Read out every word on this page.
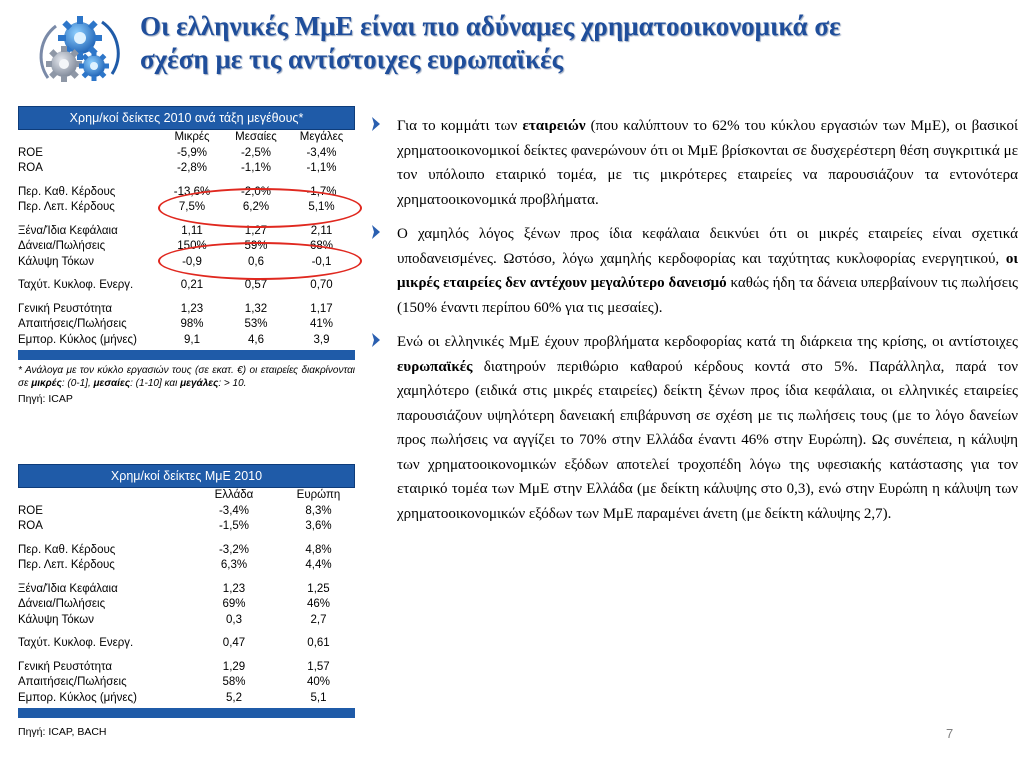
Οι ελληνικές ΜμΕ είναι πιο αδύναμες χρηματοοικονομικά σε
σχέση με τις αντίστοιχες ευρωπαϊκές
Χρημ/κοί δείκτες 2010 ανά τάξη μεγέθους*
	Μικρές	Μεσαίες	Μεγάλες
ROE	-5,9%	-2,5%	-3,4%
ROA	-2,8%	-1,1%	-1,1%

Περ. Καθ. Κέρδους	-13,6%	-2,0%	-1,7%
Περ. Λεπ. Κέρδους	7,5%	6,2%	5,1%

Ξένα/Ίδια Κεφάλαια	1,11	1,27	2,11
Δάνεια/Πωλήσεις	150%	59%	68%
Κάλυψη Τόκων	-0,9	0,6	-0,1

Ταχύτ. Κυκλοφ. Ενεργ.	0,21	0,57	0,70

Γενική Ρευστότητα	1,23	1,32	1,17
Απαιτήσεις/Πωλήσεις	98%	53%	41%
Εμπορ. Κύκλος (μήνες)	9,1	4,6	3,9
* Ανάλογα με τον κύκλο εργασιών τους (σε εκατ. €) οι εταιρείες διακρίνονται σε μικρές: (0-1], μεσαίες: (1-10] και μεγάλες: > 10.
Πηγή: ICAP
Χρημ/κοί δείκτες ΜμΕ 2010
	Ελλάδα	Ευρώπη
ROE	-3,4%	8,3%
ROA	-1,5%	3,6%

Περ. Καθ. Κέρδους	-3,2%	4,8%
Περ. Λεπ. Κέρδους	6,3%	4,4%

Ξένα/Ίδια Κεφάλαια	1,23	1,25
Δάνεια/Πωλήσεις	69%	46%
Κάλυψη Τόκων	0,3	2,7

Ταχύτ. Κυκλοφ. Ενεργ.	0,47	0,61

Γενική Ρευστότητα	1,29	1,57
Απαιτήσεις/Πωλήσεις	58%	40%
Εμπορ. Κύκλος (μήνες)	5,2	5,1
Πηγή: ICAP, BACH
Για το κομμάτι των εταιρειών (που καλύπτουν το 62% του κύκλου εργασιών των ΜμΕ), οι βασικοί χρηματοοικονομικοί δείκτες φανερώνουν ότι οι ΜμΕ βρίσκονται σε δυσχερέστερη θέση συγκριτικά με τον υπόλοιπο εταιρικό τομέα, με τις μικρότερες εταιρείες να παρουσιάζουν τα εντονότερα χρηματοοικονομικά προβλήματα.
Ο χαμηλός λόγος ξένων προς ίδια κεφάλαια δεικνύει ότι οι μικρές εταιρείες είναι σχετικά υποδανεισμένες. Ωστόσο, λόγω χαμηλής κερδοφορίας και ταχύτητας κυκλοφορίας ενεργητικού, οι μικρές εταιρείες δεν αντέχουν μεγαλύτερο δανεισμό καθώς ήδη τα δάνεια υπερβαίνουν τις πωλήσεις (150% έναντι περίπου 60% για τις μεσαίες).
Ενώ οι ελληνικές ΜμΕ έχουν προβλήματα κερδοφορίας κατά τη διάρκεια της κρίσης, οι αντίστοιχες ευρωπαϊκές διατηρούν περιθώριο καθαρού κέρδους κοντά στο 5%. Παράλληλα, παρά τον χαμηλότερο (ειδικά στις μικρές εταιρείες) δείκτη ξένων προς ίδια κεφάλαια, οι ελληνικές εταιρείες παρουσιάζουν υψηλότερη δανειακή επιβάρυνση σε σχέση με τις πωλήσεις τους (με το λόγο δανείων προς πωλήσεις να αγγίζει το 70% στην Ελλάδα έναντι 46% στην Ευρώπη). Ως συνέπεια, η κάλυψη των χρηματοοικονομικών εξόδων αποτελεί τροχοπέδη λόγω της υφεσιακής κατάστασης για τον εταιρικό τομέα των ΜμΕ στην Ελλάδα (με δείκτη κάλυψης στο 0,3), ενώ στην Ευρώπη η κάλυψη των χρηματοοικονομικών εξόδων των ΜμΕ παραμένει άνετη (με δείκτη κάλυψης 2,7).
7
